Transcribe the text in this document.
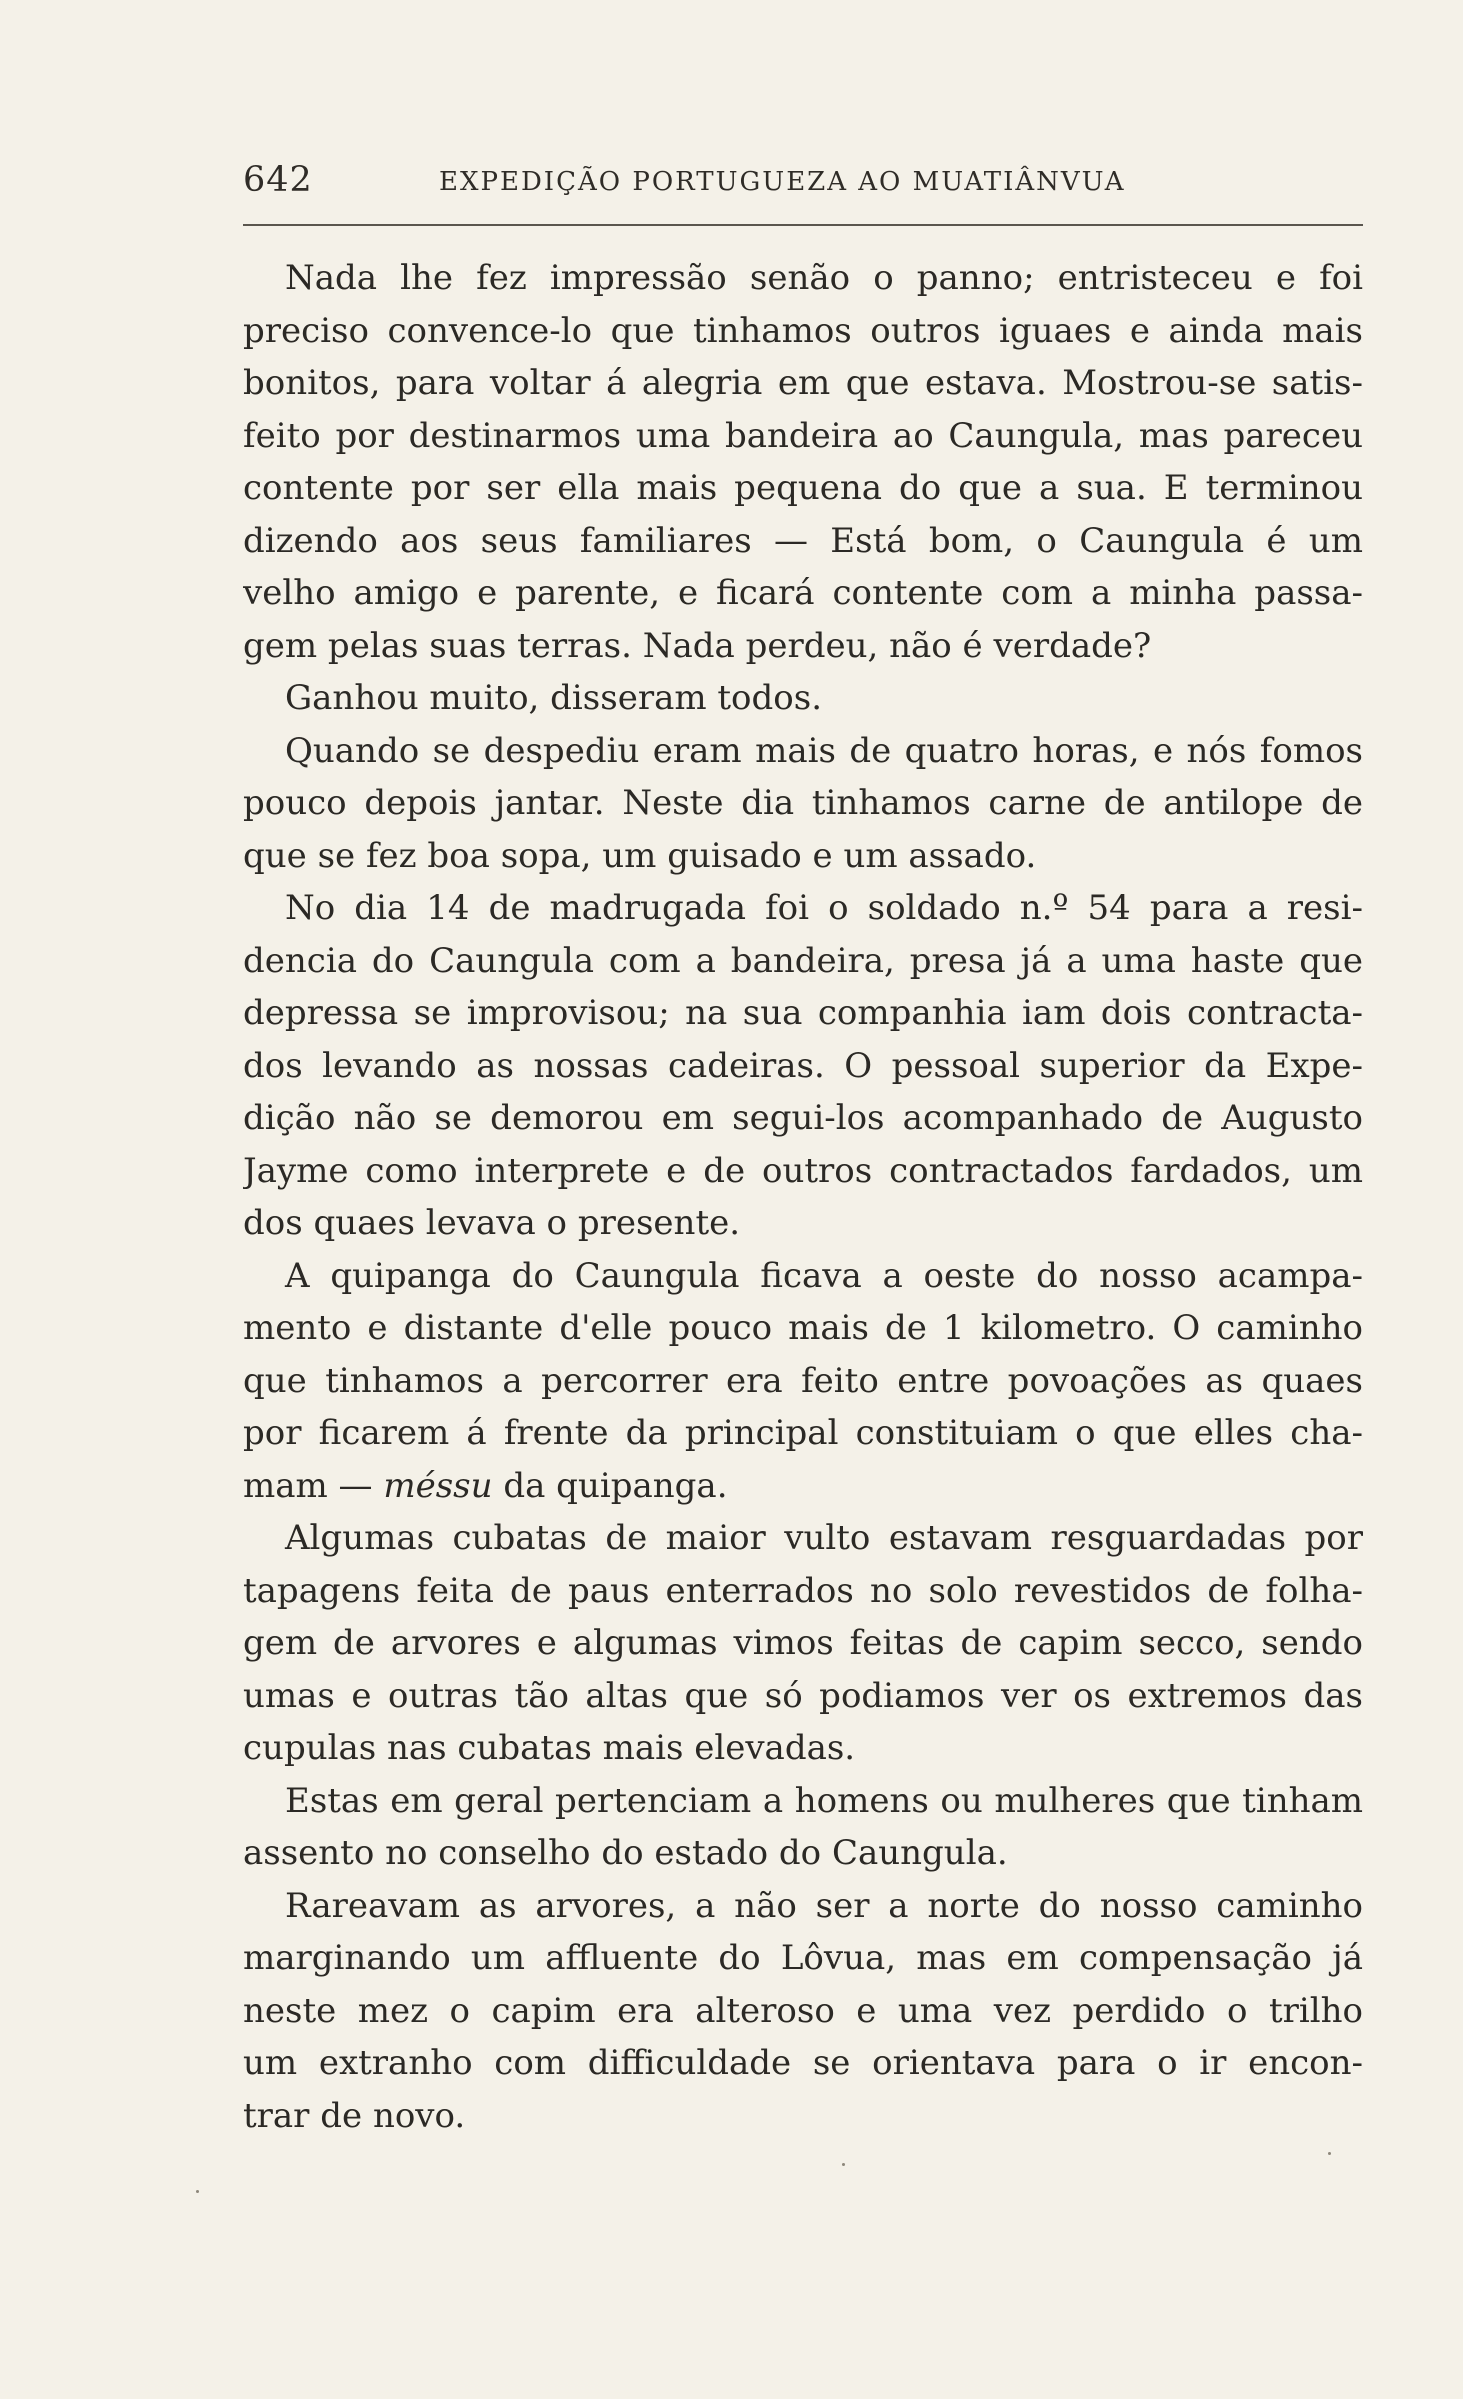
642	EXPEDIÇÃO PORTUGUEZA AO MUATIÂNVUA
Nada lhe fez impressão senão o panno; entristeceu e foi
preciso convence-lo que tinhamos outros iguaes e ainda mais
bonitos, para voltar á alegria em que estava. Mostrou-se satis-
feito por destinarmos uma bandeira ao Caungula, mas pareceu
contente por ser ella mais pequena do que a sua. E terminou
dizendo aos seus familiares — Está bom, o Caungula é um
velho amigo e parente, e ficará contente com a minha passa-
gem pelas suas terras. Nada perdeu, não é verdade?
Ganhou muito, disseram todos.
Quando se despediu eram mais de quatro horas, e nós fomos
pouco depois jantar. Neste dia tinhamos carne de antilope de
que se fez boa sopa, um guisado e um assado.
No dia 14 de madrugada foi o soldado n.º 54 para a resi-
dencia do Caungula com a bandeira, presa já a uma haste que
depressa se improvisou; na sua companhia iam dois contracta-
dos levando as nossas cadeiras. O pessoal superior da Expe-
dição não se demorou em segui-los acompanhado de Augusto
Jayme como interprete e de outros contractados fardados, um
dos quaes levava o presente.
A quipanga do Caungula ficava a oeste do nosso acampa-
mento e distante d'elle pouco mais de 1 kilometro. O caminho
que tinhamos a percorrer era feito entre povoações as quaes
por ficarem á frente da principal constituiam o que elles cha-
mam — méssu da quipanga.
Algumas cubatas de maior vulto estavam resguardadas por
tapagens feita de paus enterrados no solo revestidos de folha-
gem de arvores e algumas vimos feitas de capim secco, sendo
umas e outras tão altas que só podiamos ver os extremos das
cupulas nas cubatas mais elevadas.
Estas em geral pertenciam a homens ou mulheres que tinham
assento no conselho do estado do Caungula.
Rareavam as arvores, a não ser a norte do nosso caminho
marginando um affluente do Lôvua, mas em compensação já
neste mez o capim era alteroso e uma vez perdido o trilho
um extranho com difficuldade se orientava para o ir encon-
trar de novo.
